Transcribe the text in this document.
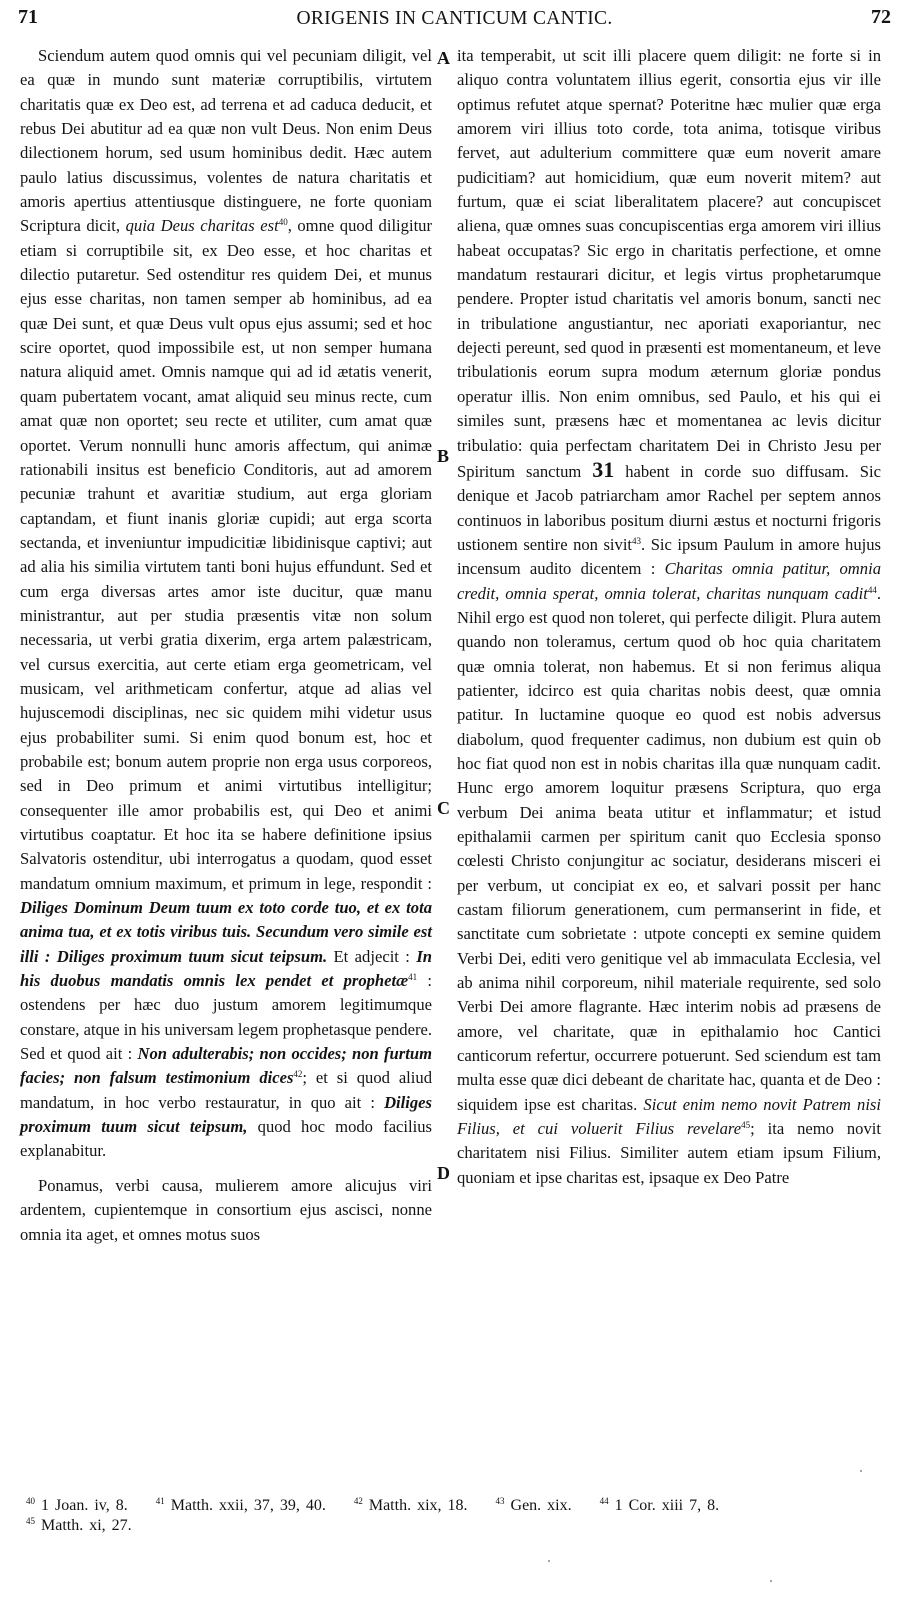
71	ORIGENIS IN CANTICUM CANTIC.	72

Sciendum autem quod omnis qui vel pecuniam diligit, vel ea quæ in mundo sunt materiæ corruptibilis, virtutem charitatis quæ ex Deo est, ad terrena et ad caduca deducit, et rebus Dei abutitur ad ea quæ non vult Deus. Non enim Deus dilectionem horum, sed usum hominibus dedit. Hæc autem paulo latius discussimus, volentes de natura charitatis et amoris apertius attentiusque distinguere, ne forte quoniam Scriptura dicit, quia Deus charitas est$^{40}$, omne quod diligitur etiam si corruptibile sit, ex Deo esse, et hoc charitas et dilectio putaretur. Sed ostenditur res quidem Dei, et munus ejus esse charitas, non tamen semper ab hominibus, ad ea quæ Dei sunt, et quæ Deus vult opus ejus assumi; sed et hoc scire oportet, quod impossibile est, ut non semper humana natura aliquid amet. Omnis namque qui ad id ætatis venerit, quam pubertatem vocant, amat aliquid seu minus recte, cum amat quæ non oportet; seu recte et utiliter, cum amat quæ oportet. Verum nonnulli hunc amoris affectum, qui animæ rationabili insitus est beneficio Conditoris, aut ad amorem pecuniæ trahunt et avaritiæ studium, aut erga gloriam captandam, et fiunt inanis gloriæ cupidi; aut erga scorta sectanda, et inveniuntur impudicitiæ libidinisque captivi; aut ad alia his similia virtutem tanti boni hujus effundunt. Sed et cum erga diversas artes amor iste ducitur, quæ manu ministrantur, aut per studia præsentis vitæ non solum necessaria, ut verbi gratia dixerim, erga artem palæstricam, vel cursus exercitia, aut certe etiam erga geometricam, vel musicam, vel arithmeticam confertur, atque ad alias vel hujuscemodi disciplinas, nec sic quidem mihi videtur usus ejus probabiliter sumi. Si enim quod bonum est, hoc et probabile est; bonum autem proprie non erga usus corporeos, sed in Deo primum et animi virtutibus intelligitur; consequenter ille amor probabilis est, qui Deo et animi virtutibus coaptatur. Et hoc ita se habere definitione ipsius Salvatoris ostenditur, ubi interrogatus a quodam, quod esset mandatum omnium maximum, et primum in lege, respondit : Diliges Dominum Deum tuum ex toto corde tuo, et ex tota anima tua, et ex totis viribus tuis. Secundum vero simile est illi : Diliges proximum tuum sicut teipsum. Et adjecit : In his duobus mandatis omnis lex pendet et prophetæ$^{41}$ : ostendens per hæc duo justum amorem legitimumque constare, atque in his universam legem prophetasque pendere. Sed et quod ait : Non adulterabis; non occides; non furtum facies; non falsum testimonium dices$^{42}$; et si quod aliud mandatum, in hoc verbo restauratur, in quo ait : Diliges proximum tuum sicut teipsum, quod hoc modo facilius explanabitur.

Ponamus, verbi causa, mulierem amore alicujus viri ardentem, cupientemque in consortium ejus asciscі, nonne omnia ita aget, et omnes motus suos

A
B
C
D

ita temperabit, ut scit illi placere quem diligit: ne forte si in aliquo contra voluntatem illius egerit, consortia ejus vir ille optimus refutet atque spernat? Poteritne hæc mulier quæ erga amorem viri illius toto corde, tota anima, totisque viribus fervet, aut adulterium committere quæ eum noverit amare pudicitiam? aut homicidium, quæ eum noverit mitem? aut furtum, quæ ei sciat liberalitatem placere? aut concupiscet aliena, quæ omnes suas concupiscentias erga amorem viri illius habeat occupatas? Sic ergo in charitatis perfectione, et omne mandatum restaurari dicitur, et legis virtus prophetarumque pendere. Propter istud charitatis vel amoris bonum, sancti nec in tribulatione angustiantur, nec aporiati exaporiantur, nec dejecti pereunt, sed quod in præsenti est momentaneum, et leve tribulationis eorum supra modum æternum gloriæ pondus operatur illis. Non enim omnibus, sed Paulo, et his qui ei similes sunt, præsens hæc et momentanea ac levis dicitur tribulatio: quia perfectam charitatem Dei in Christo Jesu per Spiritum sanctum 31 habent in corde suo diffusam. Sic denique et Jacob patriarcham amor Rachel per septem annos continuos in laboribus positum diurni æstus et nocturni frigoris ustionem sentire non sivit$^{43}$. Sic ipsum Paulum in amore hujus incensum audito dicentem : Charitas omnia patitur, omnia credit, omnia sperat, omnia tolerat, charitas nunquam cadit$^{44}$. Nihil ergo est quod non toleret, qui perfecte diligit. Plura autem quando non toleramus, certum quod ob hoc quia charitatem quæ omnia tolerat, non habemus. Et si non ferimus aliqua patienter, idcirco est quia charitas nobis deest, quæ omnia patitur. In luctamine quoque eo quod est nobis adversus diabolum, quod frequenter cadimus, non dubium est quin ob hoc fiat quod non est in nobis charitas illa quæ nunquam cadit. Hunc ergo amorem loquitur præsens Scriptura, quo erga verbum Dei anima beata utitur et inflammatur; et istud epithalamii carmen per spiritum canit quo Ecclesia sponso cœlesti Christo conjungitur ac sociatur, desiderans misceri ei per verbum, ut concipiat ex eo, et salvari possit per hanc castam filiorum generationem, cum permanserint in fide, et sanctitate cum sobrietate : utpote concepti ex semine quidem Verbi Dei, editi vero genitique vel ab immaculata Ecclesia, vel ab anima nihil corporeum, nihil materiale requirente, sed solo Verbi Dei amore flagrante. Hæc interim nobis ad præsens de amore, vel charitate, quæ in epithalamio hoc Cantici canticorum refertur, occurrere potuerunt. Sed sciendum est tam multa esse quæ dici debeant de charitate hac, quanta et de Deo : siquidem ipse est charitas. Sicut enim nemo novit Patrem nisi Filius, et cui voluerit Filius revelare$^{45}$; ita nemo novit charitatem nisi Filius. Similiter autem etiam ipsum Filium, quoniam et ipse charitas est, ipsaque ex Deo Patre

$^{40}$ 1 Joan. iv, 8.	$^{41}$ Matth. xxii, 37, 39, 40.	$^{42}$ Matth. xix, 18.	$^{43}$ Gen. xix.	$^{44}$ 1 Cor. xiii 7, 8.
$^{45}$ Matth. xi, 27.
